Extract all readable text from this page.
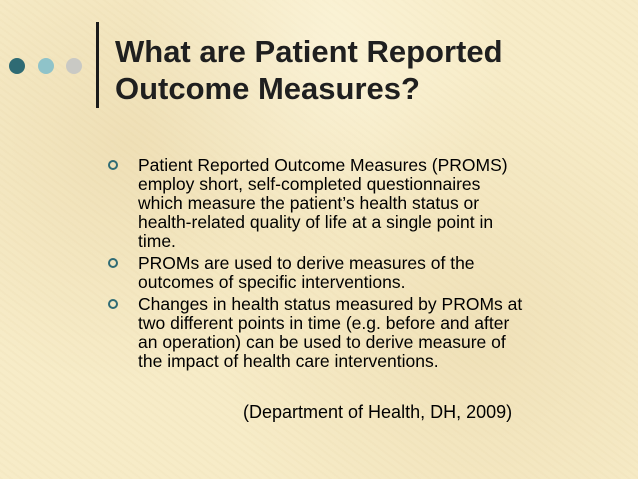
What are Patient Reported
Outcome Measures?
Patient Reported Outcome Measures (PROMS)
employ short, self-completed questionnaires
which measure the patient’s health status or
health-related quality of life at a single point in
time.
PROMs are used to derive measures of the
outcomes of specific interventions.
Changes in health status measured by PROMs at
two different points in time (e.g. before and after
an operation) can be used to derive measure of
the impact of health care interventions.
(Department of Health, DH, 2009)
